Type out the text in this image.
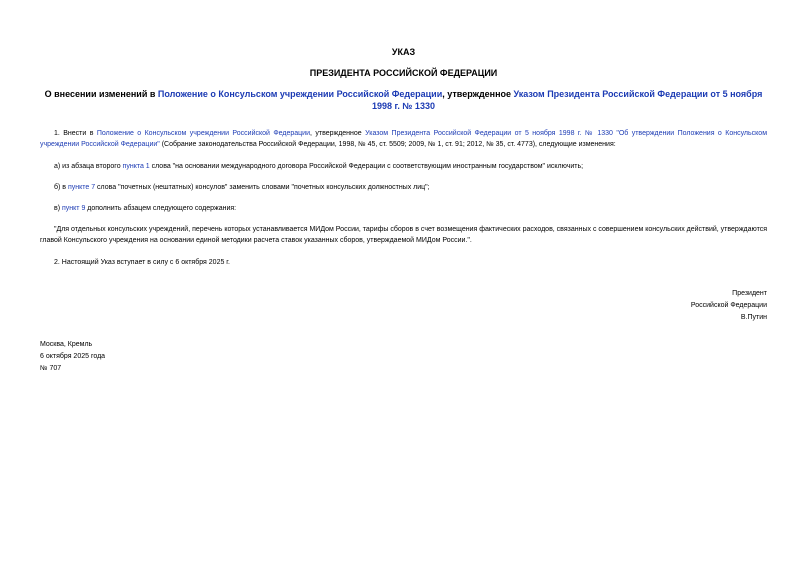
УКАЗ
ПРЕЗИДЕНТА РОССИЙСКОЙ ФЕДЕРАЦИИ
О внесении изменений в Положение о Консульском учреждении Российской Федерации, утвержденное Указом Президента Российской Федерации от 5 ноября 1998 г. № 1330
1. Внести в Положение о Консульском учреждении Российской Федерации, утвержденное Указом Президента Российской Федерации от 5 ноября 1998 г. № 1330 "Об утверждении Положения о Консульском учреждении Российской Федерации" (Собрание законодательства Российской Федерации, 1998, № 45, ст. 5509; 2009, № 1, ст. 91; 2012, № 35, ст. 4773), следующие изменения:
а) из абзаца второго пункта 1 слова "на основании международного договора Российской Федерации с соответствующим иностранным государством" исключить;
б) в пункте 7 слова "почетных (нештатных) консулов" заменить словами "почетных консульских должностных лиц";
в) пункт 9 дополнить абзацем следующего содержания:
"Для отдельных консульских учреждений, перечень которых устанавливается МИДом России, тарифы сборов в счет возмещения фактических расходов, связанных с совершением консульских действий, утверждаются главой Консульского учреждения на основании единой методики расчета ставок указанных сборов, утверждаемой МИДом России.".
2. Настоящий Указ вступает в силу с 6 октября 2025 г.
Президент
Российской Федерации
В.Путин
Москва, Кремль
6 октября 2025 года
№ 707
